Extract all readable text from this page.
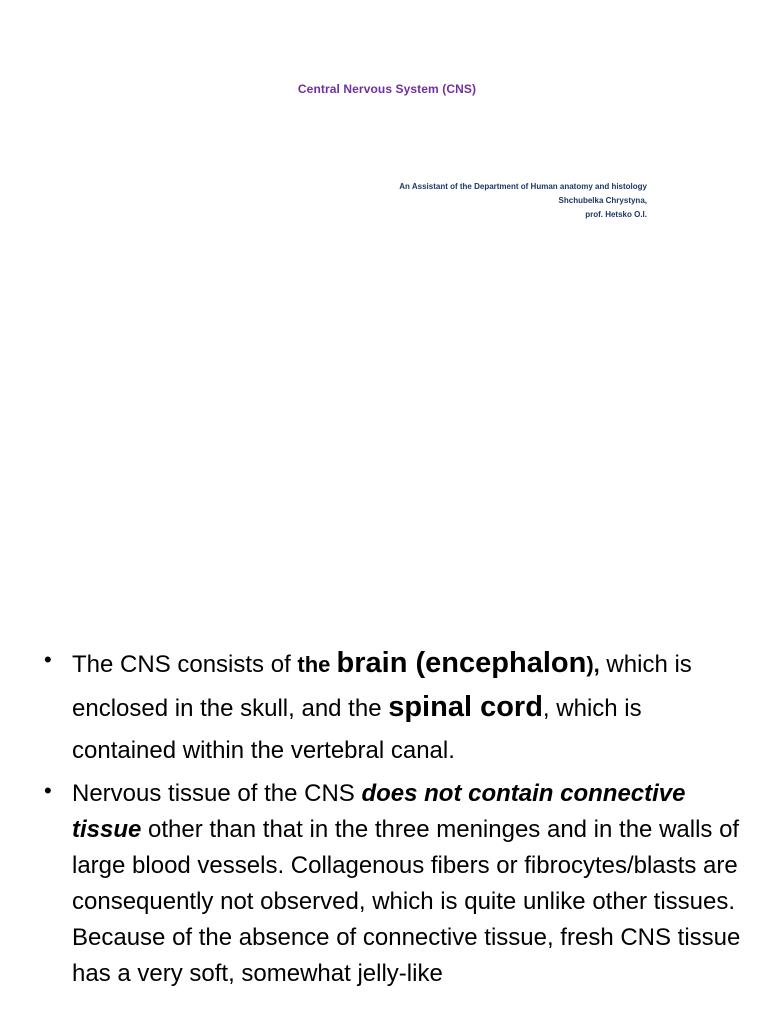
Central Nervous System (CNS)
An Assistant of the Department of Human anatomy and histology
Shchubelka Chrystyna,
prof. Hetsko O.I.
• The CNS consists of the brain (encephalon), which is enclosed in the skull, and the spinal cord, which is contained within the vertebral canal.
• Nervous tissue of the CNS does not contain connective tissue other than that in the three meninges and in the walls of large blood vessels. Collagenous fibers or fibrocytes/blasts are consequently not observed, which is quite unlike other tissues. Because of the absence of connective tissue, fresh CNS tissue has a very soft, somewhat jelly-like
